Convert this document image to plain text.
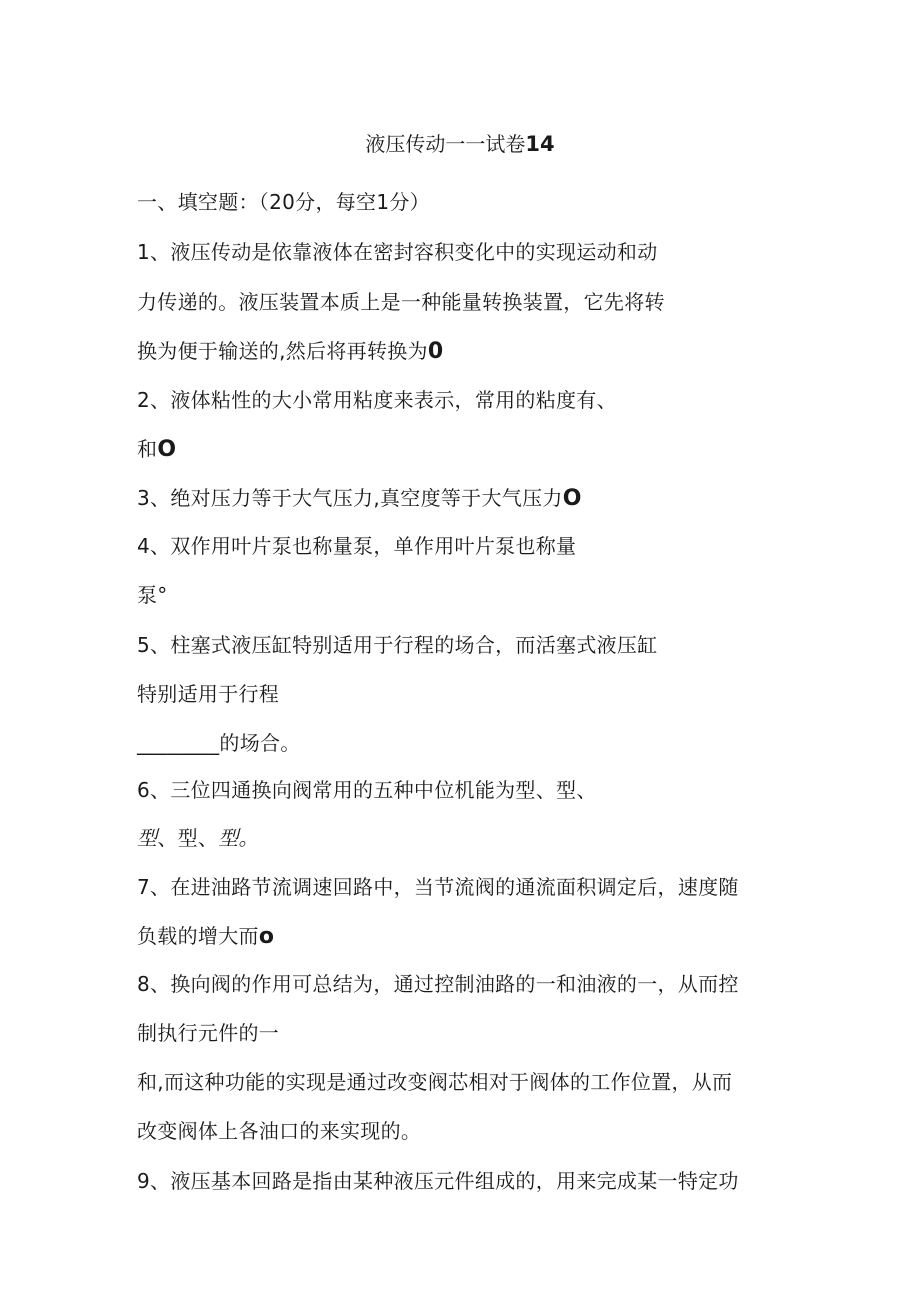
液压传动一一试卷14
一、填空题：（20分，每空1分）
1、液压传动是依靠液体在密封容积变化中的实现运动和动
力传递的。液压装置本质上是一种能量转换装置，它先将转
换为便于输送的,然后将再转换为0
2、液体粘性的大小常用粘度来表示，常用的粘度有、
和O
3、绝对压力等于大气压力,真空度等于大气压力O
4、双作用叶片泵也称量泵，单作用叶片泵也称量
泵°
5、柱塞式液压缸特别适用于行程的场合，而活塞式液压缸
特别适用于行程
________的场合。
6、三位四通换向阀常用的五种中位机能为型、型、
型、型、型。
7、在进油路节流调速回路中，当节流阀的通流面积调定后，速度随
负载的增大而o
8、换向阀的作用可总结为，通过控制油路的一和油液的一，从而控
制执行元件的一
和,而这种功能的实现是通过改变阀芯相对于阀体的工作位置，从而
改变阀体上各油口的来实现的。
9、液压基本回路是指由某种液压元件组成的，用来完成某一特定功
